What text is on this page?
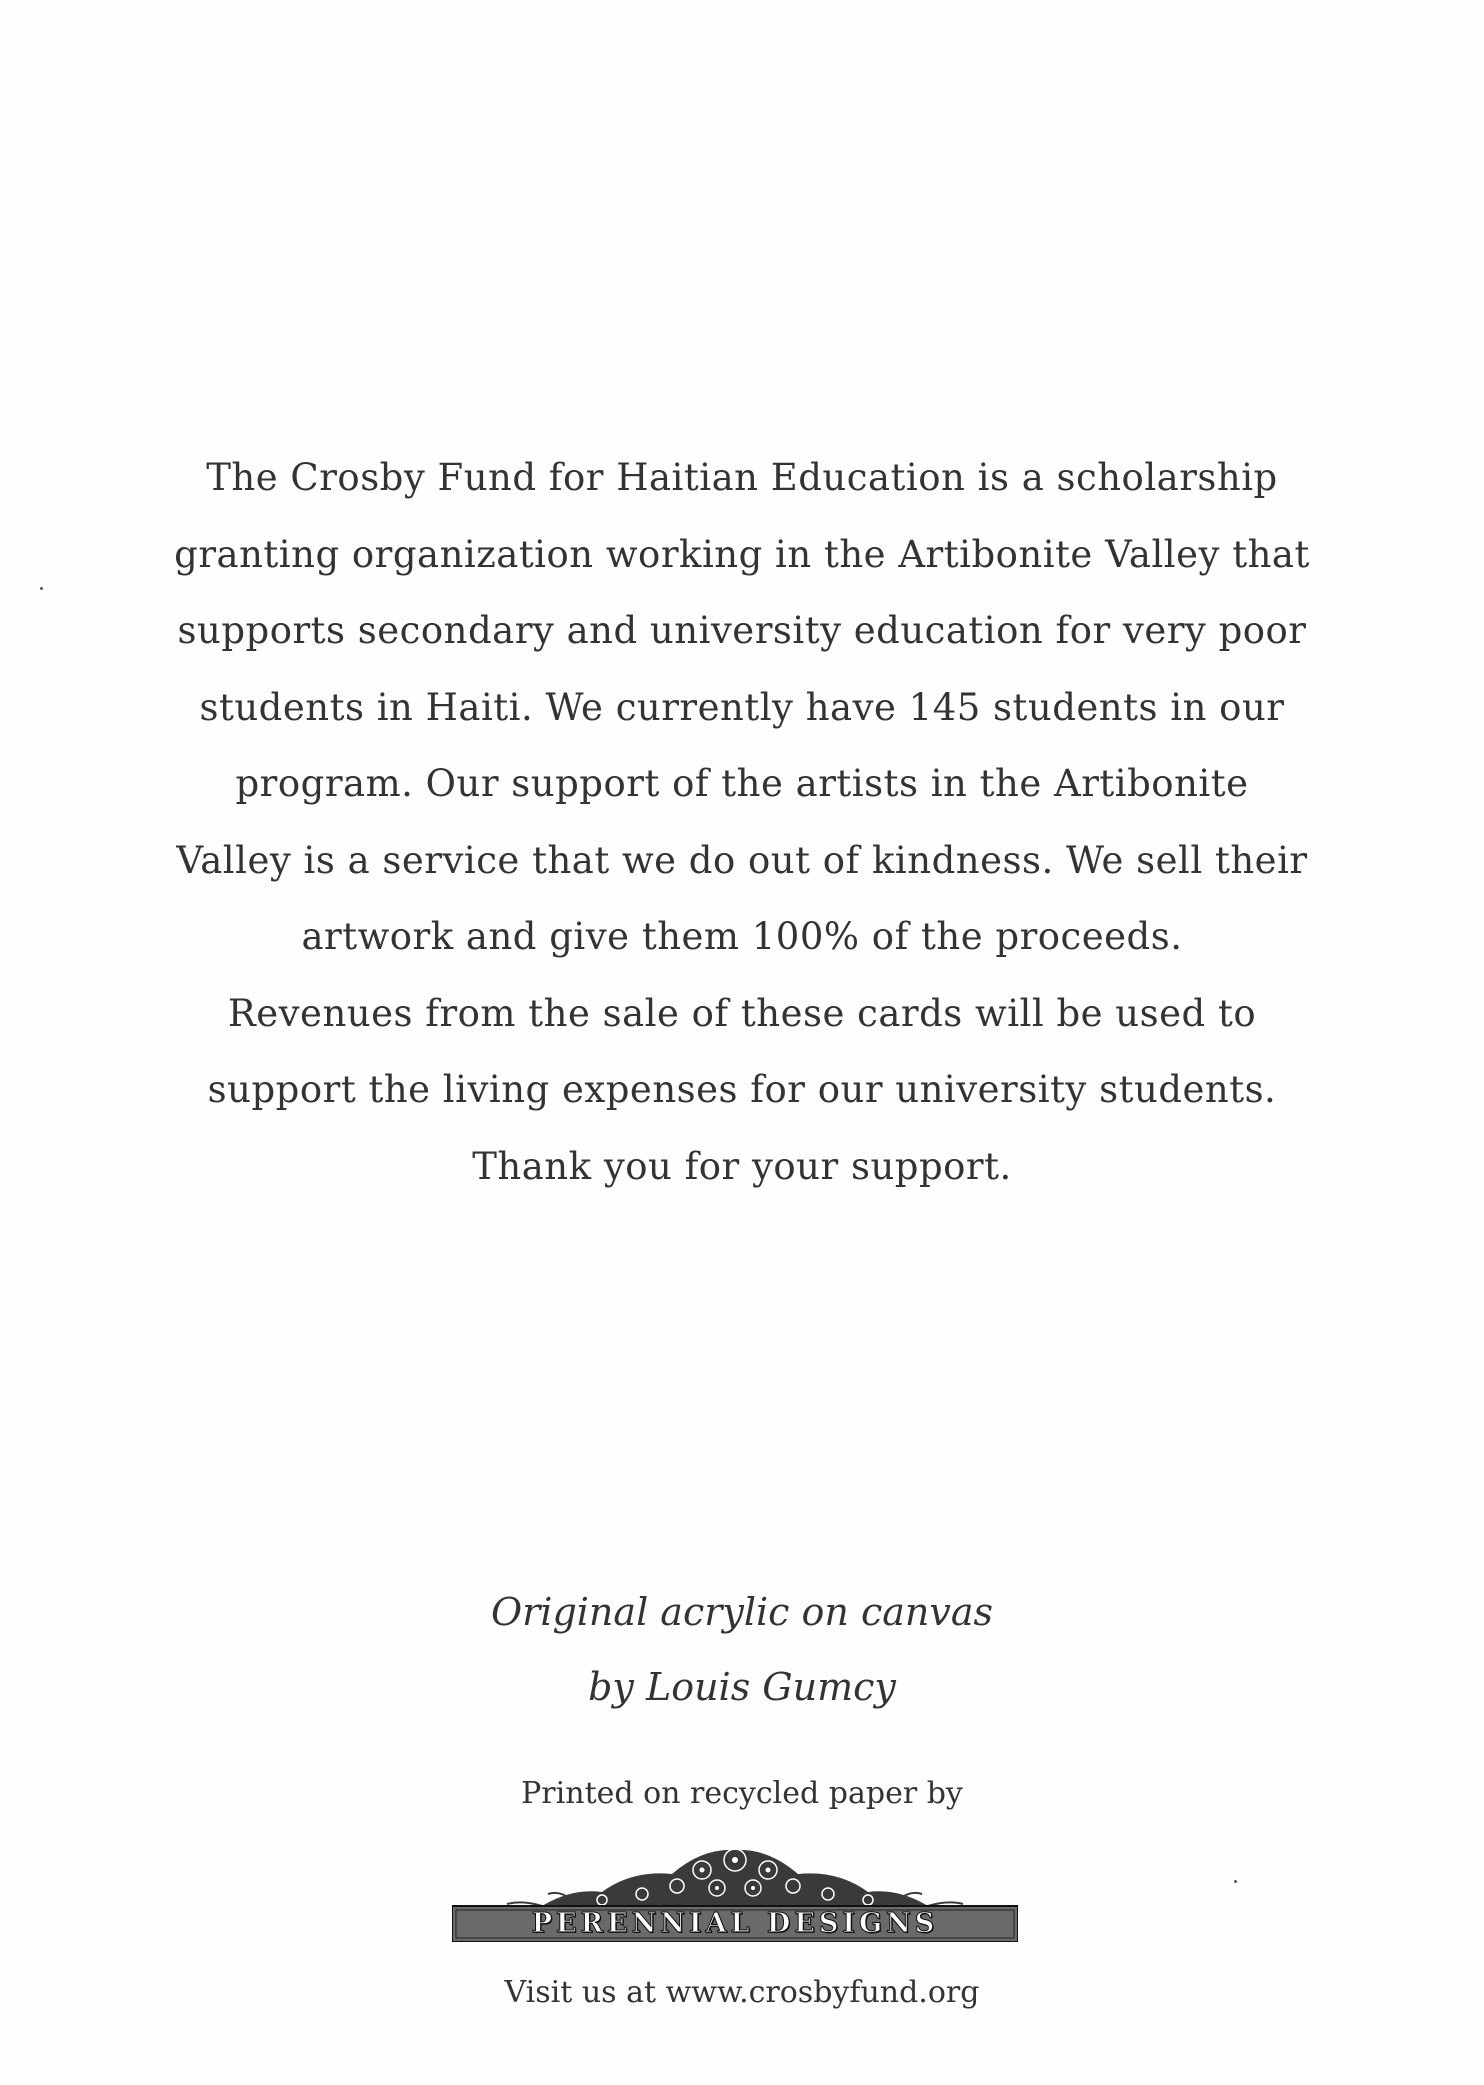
The Crosby Fund for Haitian Education is a scholarship
granting organization working in the Artibonite Valley that
supports secondary and university education for very poor
students in Haiti. We currently have 145 students in our
program. Our support of the artists in the Artibonite
Valley is a service that we do out of kindness. We sell their
artwork and give them 100% of the proceeds.
Revenues from the sale of these cards will be used to
support the living expenses for our university students.
Thank you for your support.

Original acrylic on canvas

by Louis Gumcy

Printed on recycled paper by

PERENNIAL DESIGNS

Visit us at www.crosbyfund.org
